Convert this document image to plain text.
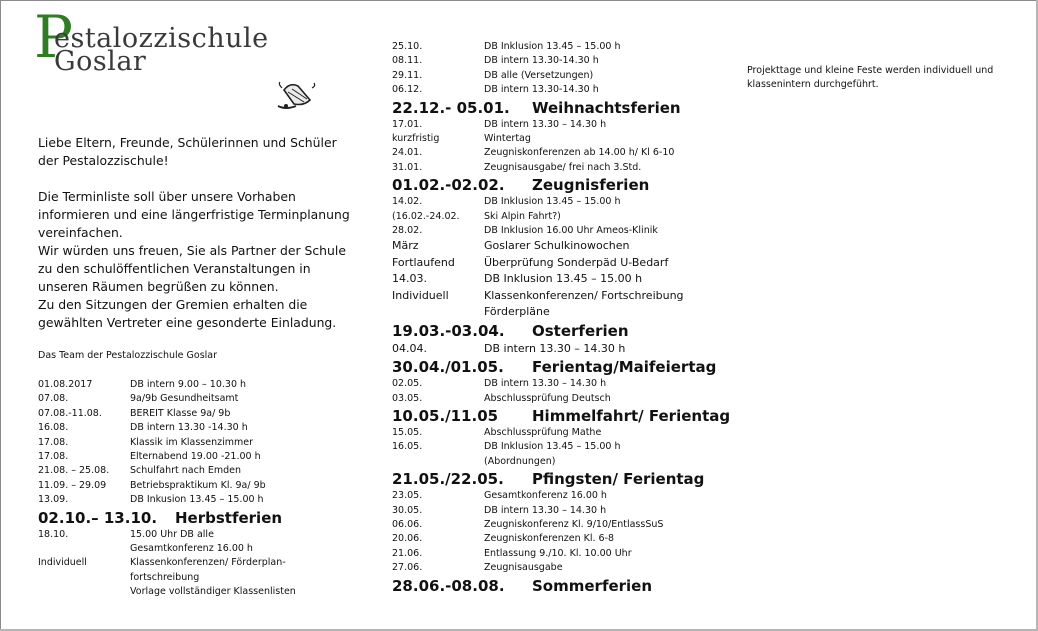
P
estalozzischule
Goslar

Liebe Eltern, Freunde, Schülerinnen und Schüler der Pestalozzischule!

Die Terminliste soll über unsere Vorhaben informieren und eine längerfristige Terminplanung vereinfachen.

Wir würden uns freuen, Sie als Partner der Schule zu den schulöffentlichen Veranstaltungen in unseren Räumen begrüßen zu können.

Zu den Sitzungen der Gremien erhalten die gewählten Vertreter eine gesonderte Einladung.

Das Team der Pestalozzischule Goslar
01.08.2017	DB intern 9.00 – 10.30 h
07.08.	9a/9b Gesundheitsamt
07.08.-11.08.	BEREIT Klasse 9a/ 9b
16.08.	DB intern 13.30 -14.30 h
17.08.	Klassik im Klassenzimmer
17.08.	Elternabend 19.00 -21.00 h
21.08. – 25.08. Schulfahrt nach Emden
11.09. – 29.09	Betriebspraktikum Kl. 9a/ 9b
13.09.	DB Inkusion 13.45 – 15.00 h
02.10.– 13.10. Herbstferien
18.10.	15.00 Uhr DB alle
Gesamtkonferenz 16.00 h
Individuell	Klassenkonferenzen/ Förderplan-
fortschreibung
Vorlage vollständiger Klassenlisten
25.10.	DB Inklusion 13.45 – 15.00 h
08.11.	DB intern 13.30-14.30 h
29.11.	DB alle (Versetzungen)
06.12.	DB intern 13.30-14.30 h
22.12.- 05.01. Weihnachtsferien
17.01.	DB intern 13.30 – 14.30 h
kurzfristig	Wintertag
24.01.	Zeugniskonferenzen ab 14.00 h/ Kl 6-10
31.01.	Zeugnisausgabe/ frei nach 3.Std.
01.02.-02.02. Zeugnisferien
14.02.	DB Inklusion 13.45 – 15.00 h
(16.02.-24.02.	Ski Alpin Fahrt?)
28.02.	DB Inklusion 16.00 Uhr Ameos-Klinik
März	Goslarer Schulkinowochen
Fortlaufend	Überprüfung Sonderpäd U-Bedarf
14.03.	DB Inklusion 13.45 – 15.00 h
Individuell	Klassenkonferenzen/ Fortschreibung
Förderpläne
19.03.-03.04. Osterferien
04.04.	DB intern 13.30 – 14.30 h
30.04./01.05. Ferientag/Maifeiertag
02.05.	DB intern 13.30 – 14.30 h
03.05.	Abschlussprüfung Deutsch
10.05./11.05 Himmelfahrt/ Ferientag
15.05.	Abschlussprüfung Mathe
16.05.	DB Inklusion 13.45 – 15.00 h
(Abordnungen)
21.05./22.05. Pfingsten/ Ferientag
23.05.	Gesamtkonferenz 16.00 h
30.05.	DB intern 13.30 – 14.30 h
06.06.	Zeugniskonferenz Kl. 9/10/EntlassSuS
20.06.	Zeugniskonferenzen Kl. 6-8
21.06.	Entlassung 9./10. Kl. 10.00 Uhr
27.06.	Zeugnisausgabe
28.06.-08.08. Sommerferien
Projekttage und kleine Feste werden individuell und klassenintern durchgeführt.
